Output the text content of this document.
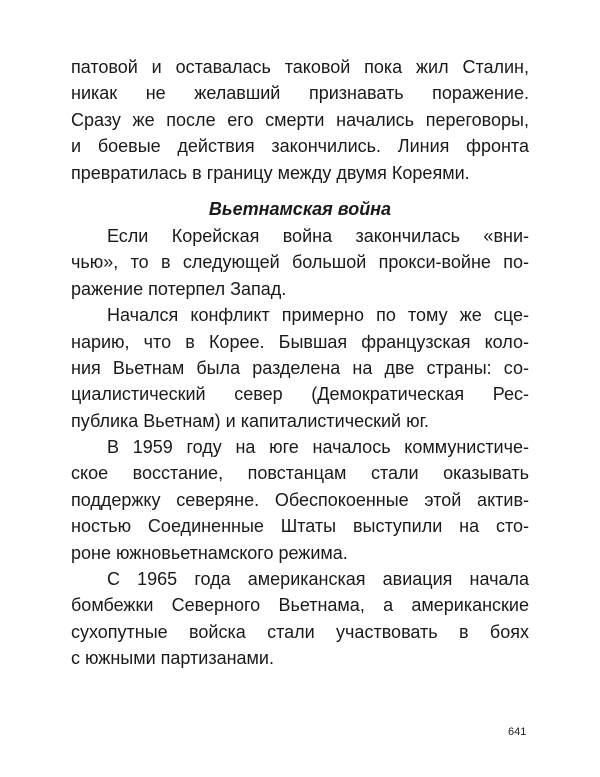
патовой и оставалась таковой пока жил Сталин,
никак не желавший признавать поражение.
Сразу же после его смерти начались переговоры,
и боевые действия закончились. Линия фронта
превратилась в границу между двумя Кореями.
Вьетнамская война
Если Корейская война закончилась «вни-
чью», то в следующей большой прокси-войне по-
ражение потерпел Запад.
Начался конфликт примерно по тому же сце-
нарию, что в Корее. Бывшая французская коло-
ния Вьетнам была разделена на две страны: со-
циалистический север (Демократическая Рес-
публика Вьетнам) и капиталистический юг.
В 1959 году на юге началось коммунистиче-
ское восстание, повстанцам стали оказывать
поддержку северяне. Обеспокоенные этой актив-
ностью Соединенные Штаты выступили на сто-
роне южновьетнамского режима.
С 1965 года американская авиация начала
бомбежки Северного Вьетнама, а американские
сухопутные войска стали участвовать в боях
с южными партизанами.
641
